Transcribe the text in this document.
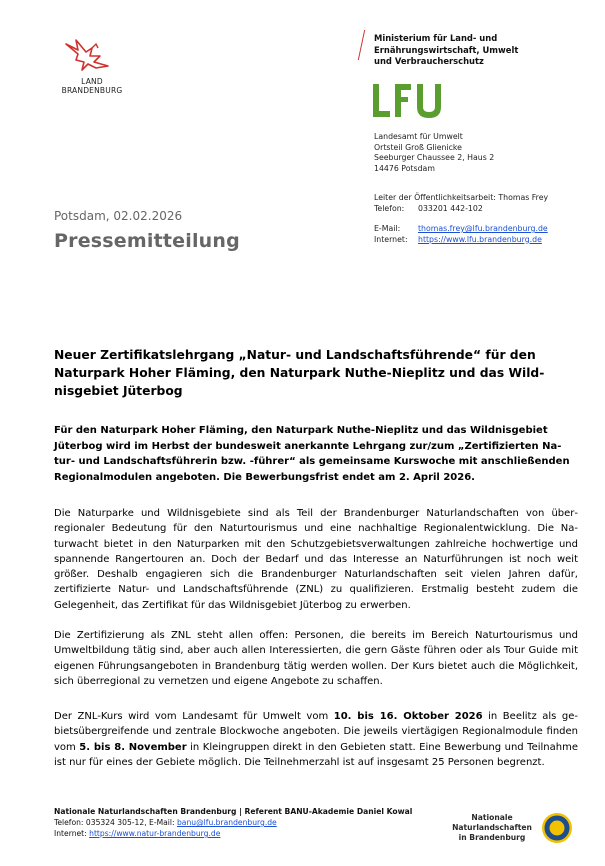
LAND
BRANDENBURG
Ministerium für Land- und
Ernährungswirtschaft, Umwelt
und Verbraucherschutz
LfU
Landesamt für Umwelt
Ortsteil Groß Glienicke
Seeburger Chaussee 2, Haus 2
14476 Potsdam
Leiter der Öffentlichkeitsarbeit: Thomas Frey
Telefon:	033201 442-102
E-Mail:	thomas.frey@lfu.brandenburg.de
Internet:	https://www.lfu.brandenburg.de
Potsdam, 02.02.2026
Pressemitteilung
Neuer Zertifikatslehrgang „Natur- und Landschaftsführende“ für den Naturpark Hoher Fläming, den Naturpark Nuthe-Nieplitz und das Wildnisgebiet Jüterbog
Für den Naturpark Hoher Fläming, den Naturpark Nuthe-Nieplitz und das Wildnisgebiet Jüterbog wird im Herbst der bundesweit anerkannte Lehrgang zur/zum „Zertifizierten Natur- und Landschaftsführerin bzw. -führer“ als gemeinsame Kurswoche mit anschließenden Regionalmodulen angeboten. Die Bewerbungsfrist endet am 2. April 2026.
Die Naturparke und Wildnisgebiete sind als Teil der Brandenburger Naturlandschaften von überregionaler Bedeutung für den Naturtourismus und eine nachhaltige Regionalentwicklung. Die Naturwacht bietet in den Naturparken mit den Schutzgebietsverwaltungen zahlreiche hochwertige und spannende Rangertouren an. Doch der Bedarf und das Interesse an Naturführungen ist noch weit größer. Deshalb engagieren sich die Brandenburger Naturlandschaften seit vielen Jahren dafür, zertifizierte Natur- und Landschaftsführende (ZNL) zu qualifizieren. Erstmalig besteht zudem die Gelegenheit, das Zertifikat für das Wildnisgebiet Jüterbog zu erwerben.
Die Zertifizierung als ZNL steht allen offen: Personen, die bereits im Bereich Naturtourismus und Umweltbildung tätig sind, aber auch allen Interessierten, die gern Gäste führen oder als Tour Guide mit eigenen Führungsangeboten in Brandenburg tätig werden wollen. Der Kurs bietet auch die Möglichkeit, sich überregional zu vernetzen und eigene Angebote zu schaffen.
Der ZNL-Kurs wird vom Landesamt für Umwelt vom 10. bis 16. Oktober 2026 in Beelitz als gebietsübergreifende und zentrale Blockwoche angeboten. Die jeweils viertägigen Regionalmodule finden vom 5. bis 8. November in Kleingruppen direkt in den Gebieten statt. Eine Bewerbung und Teilnahme ist nur für eines der Gebiete möglich. Die Teilnehmerzahl ist auf insgesamt 25 Personen begrenzt.
Nationale Naturlandschaften Brandenburg | Referent BANU-Akademie Daniel Kowal
Telefon: 035324 305-12, E-Mail: banu@lfu.brandenburg.de
Internet: https://www.natur-brandenburg.de
Nationale
Naturlandschaften
in Brandenburg
